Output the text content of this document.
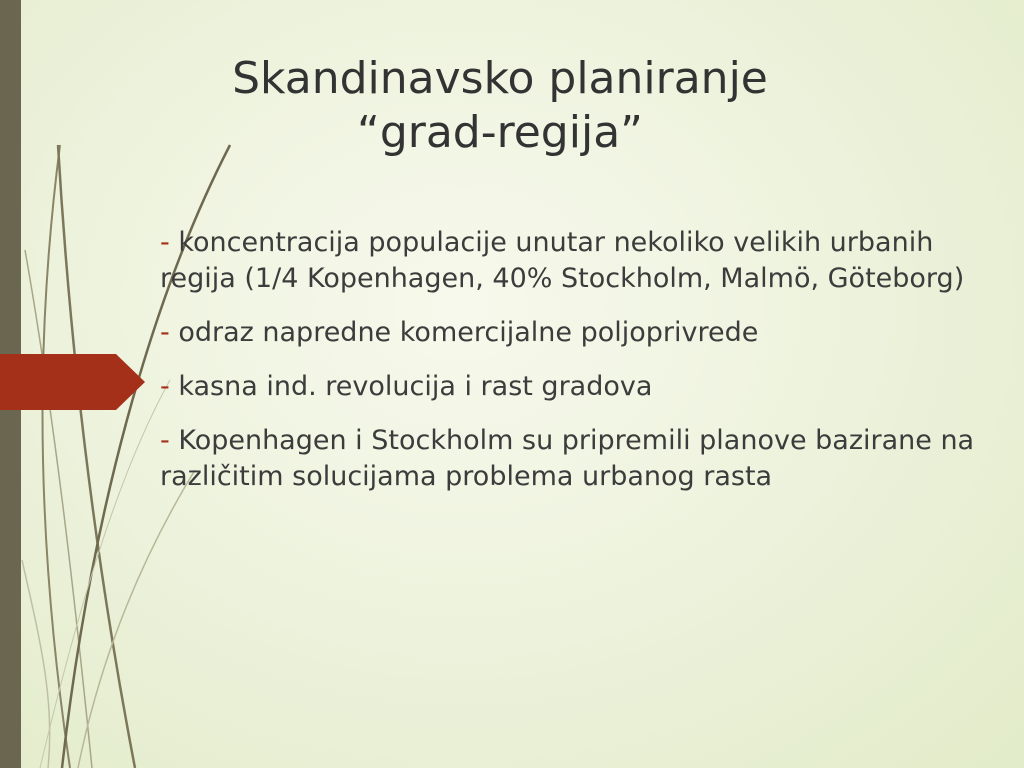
Skandinavsko planiranje
“grad-regija”
- koncentracija populacije unutar nekoliko velikih urbanih regija (1/4 Kopenhagen, 40% Stockholm, Malmö, Göteborg)
- odraz napredne komercijalne poljoprivrede
- kasna ind. revolucija i rast gradova
- Kopenhagen i Stockholm su pripremili planove bazirane na različitim solucijama problema urbanog rasta
